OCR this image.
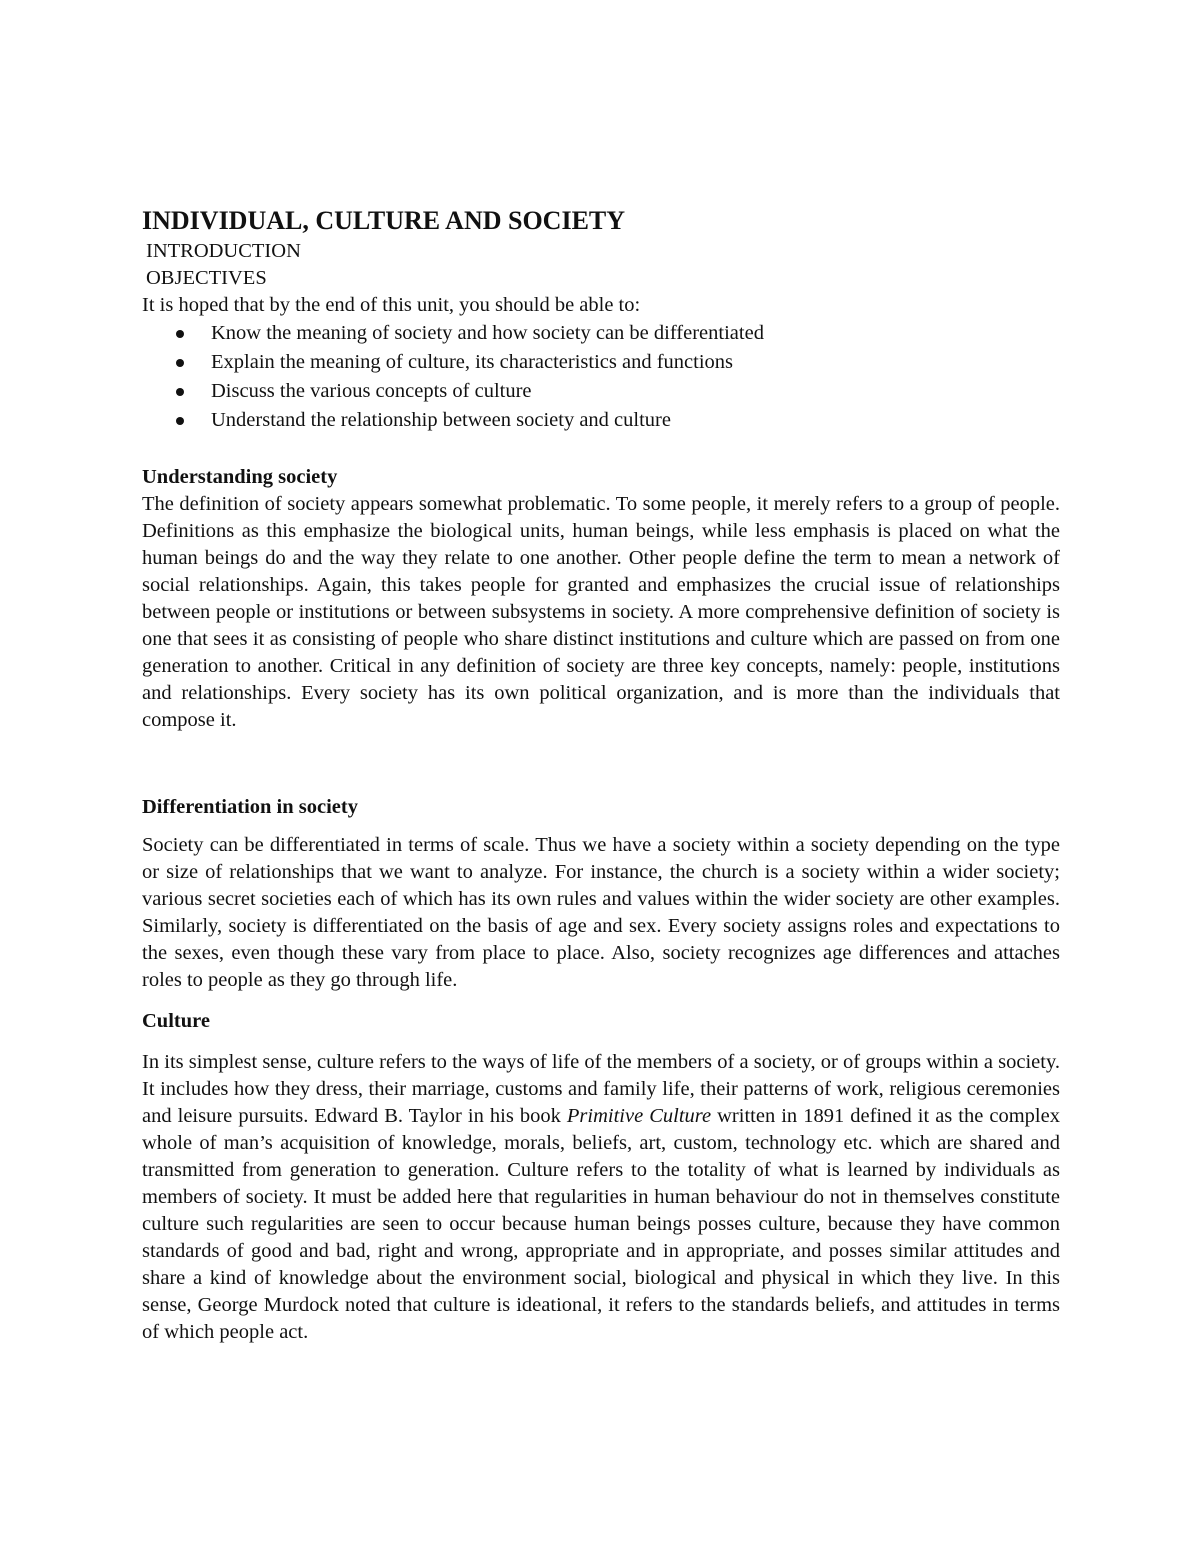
INDIVIDUAL, CULTURE AND SOCIETY

INTRODUCTION

OBJECTIVES

It is hoped that by the end of this unit, you should be able to:

Know the meaning of society and how society can be differentiated
Explain the meaning of culture, its characteristics and functions
Discuss the various concepts of culture
Understand the relationship between society and culture
Understanding society

The definition of society appears somewhat problematic. To some people, it merely refers to a group of people. Definitions as this emphasize the biological units, human beings, while less emphasis is placed on what the human beings do and the way they relate to one another. Other people define the term to mean a network of social relationships. Again, this takes people for granted and emphasizes the crucial issue of relationships between people or institutions or between subsystems in society. A more comprehensive definition of society is one that sees it as consisting of people who share distinct institutions and culture which are passed on from one generation to another. Critical in any definition of society are three key concepts, namely: people, institutions and relationships. Every society has its own political organization, and is more than the individuals that compose it.

Differentiation in society

Society can be differentiated in terms of scale. Thus we have a society within a society depending on the type or size of relationships that we want to analyze. For instance, the church is a society within a wider society; various secret societies each of which has its own rules and values within the wider society are other examples. Similarly, society is differentiated on the basis of age and sex. Every society assigns roles and expectations to the sexes, even though these vary from place to place. Also, society recognizes age differences and attaches roles to people as they go through life.

Culture

In its simplest sense, culture refers to the ways of life of the members of a society, or of groups within a society. It includes how they dress, their marriage, customs and family life, their patterns of work, religious ceremonies and leisure pursuits. Edward B. Taylor in his book Primitive Culture written in 1891 defined it as the complex whole of man’s acquisition of knowledge, morals, beliefs, art, custom, technology etc. which are shared and transmitted from generation to generation. Culture refers to the totality of what is learned by individuals as members of society. It must be added here that regularities in human behaviour do not in themselves constitute culture such regularities are seen to occur because human beings posses culture, because they have common standards of good and bad, right and wrong, appropriate and in appropriate, and posses similar attitudes and share a kind of knowledge about the environment social, biological and physical in which they live. In this sense, George Murdock noted that culture is ideational, it refers to the standards beliefs, and attitudes in terms of which people act.
